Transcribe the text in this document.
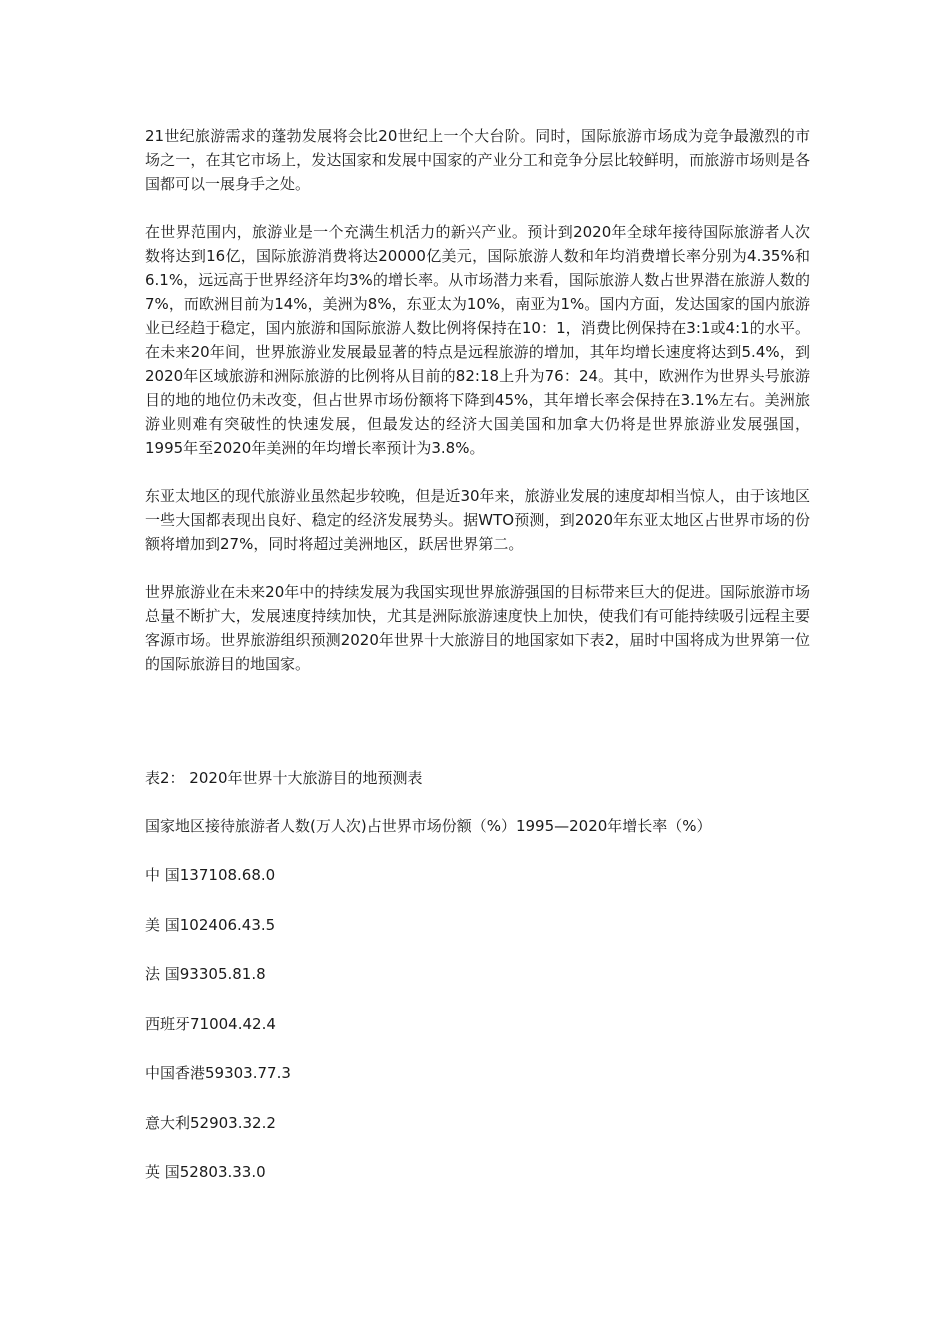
21世纪旅游需求的蓬勃发展将会比20世纪上一个大台阶。同时，国际旅游市场成为竞争最激烈的市场之一，在其它市场上，发达国家和发展中国家的产业分工和竞争分层比较鲜明，而旅游市场则是各国都可以一展身手之处。

在世界范围内，旅游业是一个充满生机活力的新兴产业。预计到2020年全球年接待国际旅游者人次数将达到16亿，国际旅游消费将达20000亿美元，国际旅游人数和年均消费增长率分别为4.35%和6.1%，远远高于世界经济年均3%的增长率。从市场潜力来看，国际旅游人数占世界潜在旅游人数的7%，而欧洲目前为14%，美洲为8%，东亚太为10%，南亚为1%。国内方面，发达国家的国内旅游业已经趋于稳定，国内旅游和国际旅游人数比例将保持在10：1，消费比例保持在3:1或4:1的水平。在未来20年间，世界旅游业发展最显著的特点是远程旅游的增加，其年均增长速度将达到5.4%，到2020年区域旅游和洲际旅游的比例将从目前的82:18上升为76：24。其中，欧洲作为世界头号旅游目的地的地位仍未改变，但占世界市场份额将下降到45%，其年增长率会保持在3.1%左右。美洲旅游业则难有突破性的快速发展，但最发达的经济大国美国和加拿大仍将是世界旅游业发展强国，1995年至2020年美洲的年均增长率预计为3.8%。

东亚太地区的现代旅游业虽然起步较晚，但是近30年来，旅游业发展的速度却相当惊人，由于该地区一些大国都表现出良好、稳定的经济发展势头。据WTO预测，到2020年东亚太地区占世界市场的份额将增加到27%，同时将超过美洲地区，跃居世界第二。

世界旅游业在未来20年中的持续发展为我国实现世界旅游强国的目标带来巨大的促进。国际旅游市场总量不断扩大，发展速度持续加快，尤其是洲际旅游速度快上加快，使我们有可能持续吸引远程主要客源市场。世界旅游组织预测2020年世界十大旅游目的地国家如下表2，届时中国将成为世界第一位的国际旅游目的地国家。

表2： 2020年世界十大旅游目的地预测表

国家地区接待旅游者人数(万人次)占世界市场份额（%）1995—2020年增长率（%）

中 国137108.68.0

美 国102406.43.5

法 国93305.81.8

西班牙71004.42.4

中国香港59303.77.3

意大利52903.32.2

英 国52803.33.0
